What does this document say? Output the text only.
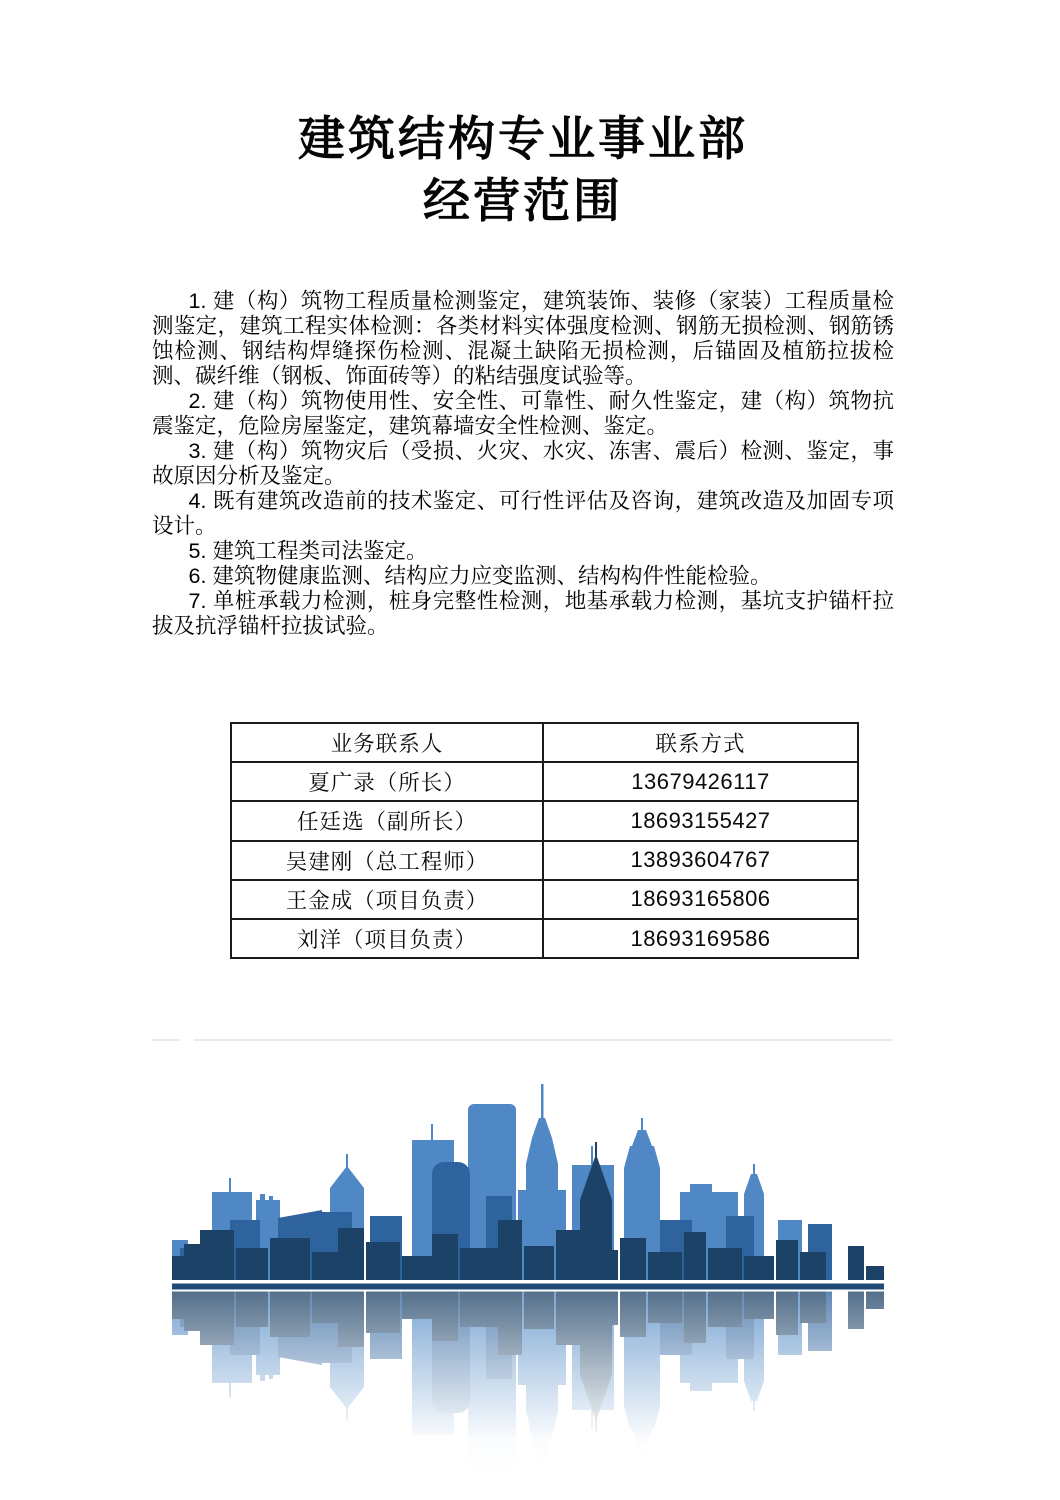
建筑结构专业事业部
经营范围

1. 建（构）筑物工程质量检测鉴定，建筑装饰、装修（家装）工程质量检测鉴定，建筑工程实体检测：各类材料实体强度检测、钢筋无损检测、钢筋锈蚀检测、钢结构焊缝探伤检测、混凝土缺陷无损检测，后锚固及植筋拉拔检测、碳纤维（钢板、饰面砖等）的粘结强度试验等。

2. 建（构）筑物使用性、安全性、可靠性、耐久性鉴定，建（构）筑物抗震鉴定，危险房屋鉴定，建筑幕墙安全性检测、鉴定。

3. 建（构）筑物灾后（受损、火灾、水灾、冻害、震后）检测、鉴定，事故原因分析及鉴定。

4. 既有建筑改造前的技术鉴定、可行性评估及咨询，建筑改造及加固专项设计。

5. 建筑工程类司法鉴定。

6. 建筑物健康监测、结构应力应变监测、结构构件性能检验。

7. 单桩承载力检测，桩身完整性检测，地基承载力检测，基坑支护锚杆拉拔及抗浮锚杆拉拔试验。

业务联系人	联系方式
夏广录（所长）	13679426117
任廷选（副所长）	18693155427
吴建刚（总工程师）	13893604767
王金成（项目负责）	18693165806
刘洋（项目负责）	18693169586
